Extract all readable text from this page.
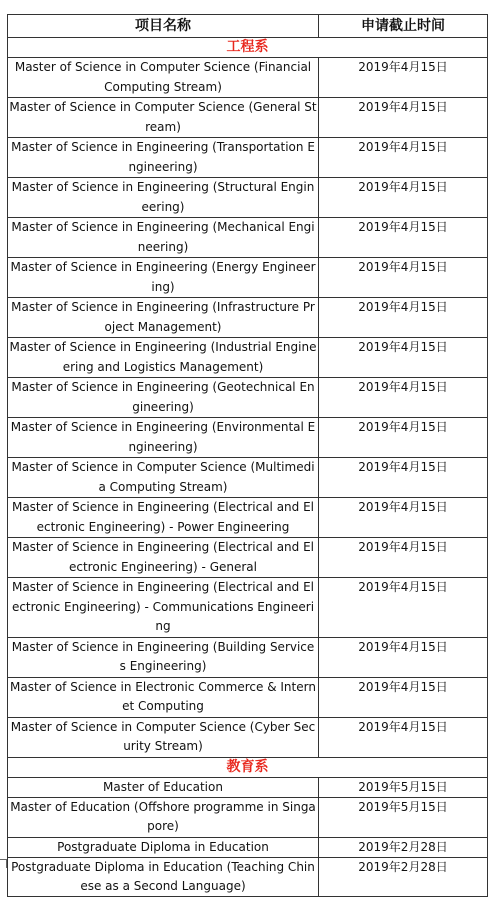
项目名称	申请截止时间
工程系	
Master of Science in Computer Science (Financial Computing Stream)	2019年4月15日
Master of Science in Computer Science (General Stream)	2019年4月15日
Master of Science in Engineering (Transportation Engineering)	2019年4月15日
Master of Science in Engineering (Structural Engineering)	2019年4月15日
Master of Science in Engineering (Mechanical Engineering)	2019年4月15日
Master of Science in Engineering (Energy Engineering)	2019年4月15日
Master of Science in Engineering (Infrastructure Project Management)	2019年4月15日
Master of Science in Engineering (Industrial Engineering and Logistics Management)	2019年4月15日
Master of Science in Engineering (Geotechnical Engineering)	2019年4月15日
Master of Science in Engineering (Environmental Engineering)	2019年4月15日
Master of Science in Computer Science (Multimedia Computing Stream)	2019年4月15日
Master of Science in Engineering (Electrical and Electronic Engineering) - Power Engineering	2019年4月15日
Master of Science in Engineering (Electrical and Electronic Engineering) - General	2019年4月15日
Master of Science in Engineering (Electrical and Electronic Engineering) - Communications Engineering	2019年4月15日
Master of Science in Engineering (Building Services Engineering)	2019年4月15日
Master of Science in Electronic Commerce & Internet Computing	2019年4月15日
Master of Science in Computer Science (Cyber Security Stream)	2019年4月15日
教育系	
Master of Education	2019年5月15日
Master of Education (Offshore programme in Singapore)	2019年5月15日
Postgraduate Diploma in Education	2019年2月28日
Postgraduate Diploma in Education (Teaching Chinese as a Second Language)	2019年2月28日
